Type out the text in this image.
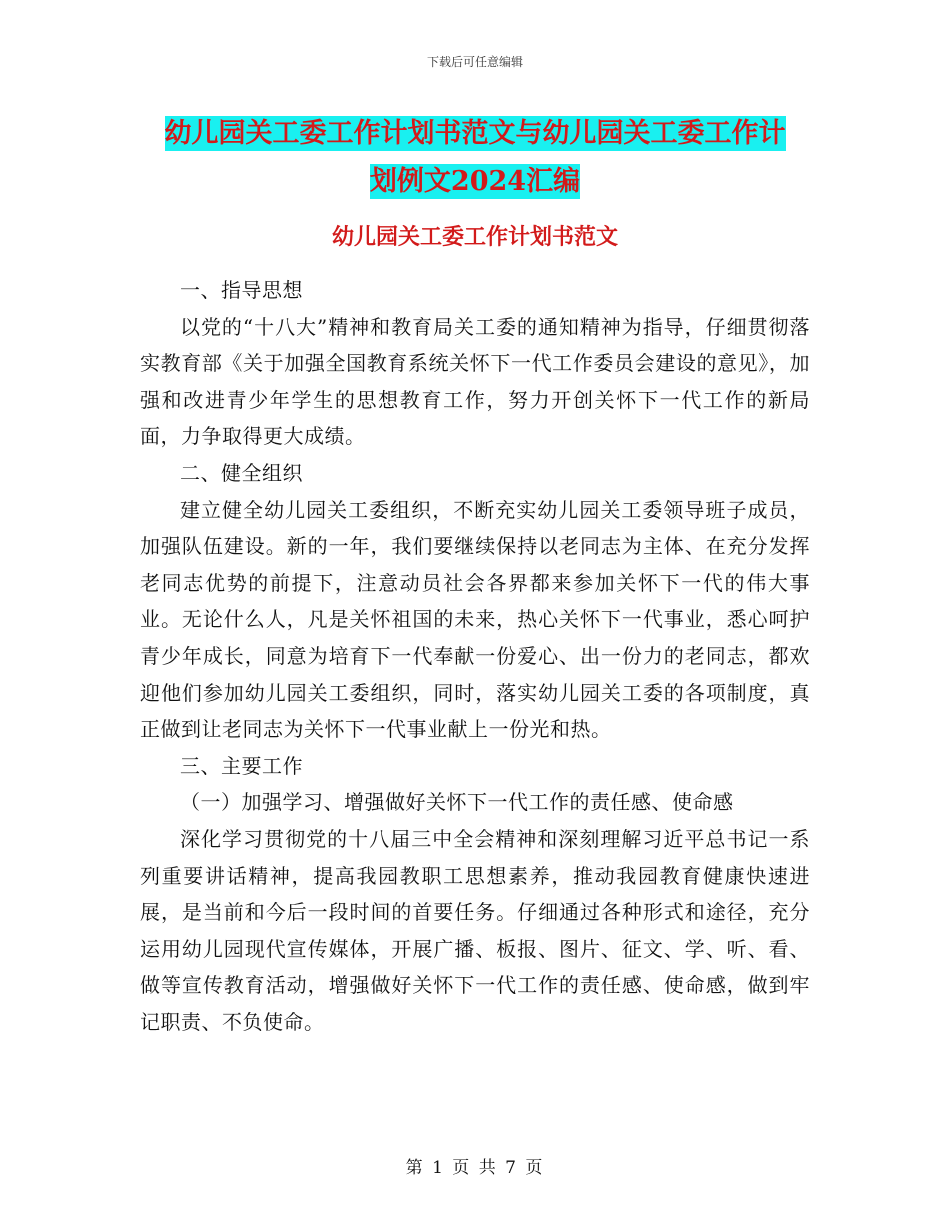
下载后可任意编辑
幼儿园关工委工作计划书范文与幼儿园关工委工作计
划例文2024汇编
幼儿园关工委工作计划书范文

一、指导思想

以党的“十八大”精神和教育局关工委的通知精神为指导，仔细贯彻落实教育部《关于加强全国教育系统关怀下一代工作委员会建设的意见》，加强和改进青少年学生的思想教育工作，努力开创关怀下一代工作的新局面，力争取得更大成绩。

二、健全组织

建立健全幼儿园关工委组织，不断充实幼儿园关工委领导班子成员，加强队伍建设。新的一年，我们要继续保持以老同志为主体、在充分发挥老同志优势的前提下，注意动员社会各界都来参加关怀下一代的伟大事业。无论什么人，凡是关怀祖国的未来，热心关怀下一代事业，悉心呵护青少年成长，同意为培育下一代奉献一份爱心、出一份力的老同志，都欢迎他们参加幼儿园关工委组织，同时，落实幼儿园关工委的各项制度，真正做到让老同志为关怀下一代事业献上一份光和热。

三、主要工作

（一）加强学习、增强做好关怀下一代工作的责任感、使命感

深化学习贯彻党的十八届三中全会精神和深刻理解习近平总书记一系列重要讲话精神，提高我园教职工思想素养，推动我园教育健康快速进展，是当前和今后一段时间的首要任务。仔细通过各种形式和途径，充分运用幼儿园现代宣传媒体，开展广播、板报、图片、征文、学、听、看、做等宣传教育活动，增强做好关怀下一代工作的责任感、使命感，做到牢记职责、不负使命。

第 1 页 共 7 页
